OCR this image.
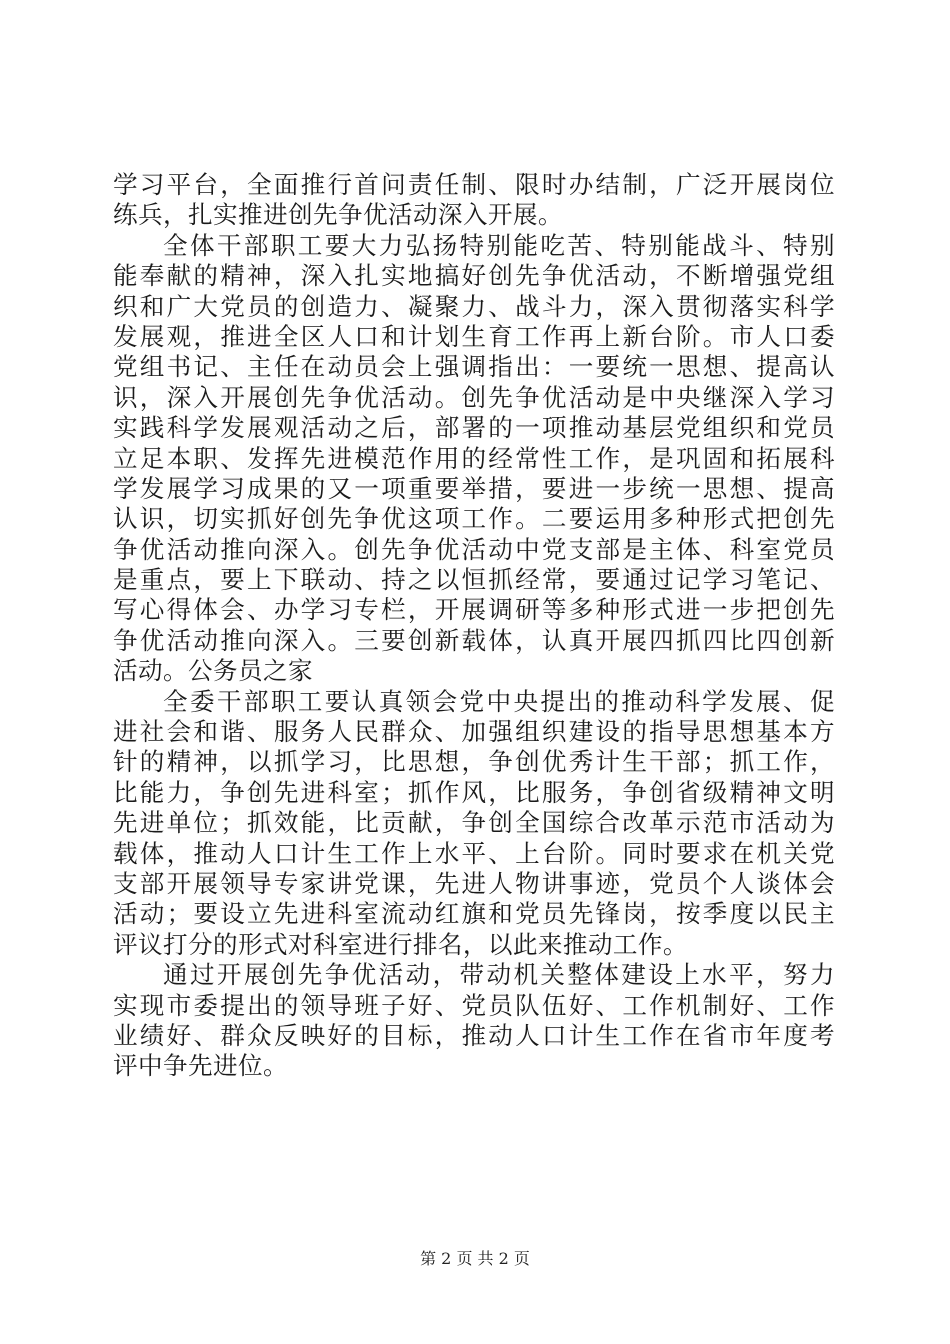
学习平台，全面推行首问责任制、限时办结制，广泛开展岗位
练兵，扎实推进创先争优活动深入开展。
全体干部职工要大力弘扬特别能吃苦、特别能战斗、特别
能奉献的精神，深入扎实地搞好创先争优活动，不断增强党组
织和广大党员的创造力、凝聚力、战斗力，深入贯彻落实科学
发展观，推进全区人口和计划生育工作再上新台阶。市人口委
党组书记、主任在动员会上强调指出：一要统一思想、提高认
识，深入开展创先争优活动。创先争优活动是中央继深入学习
实践科学发展观活动之后，部署的一项推动基层党组织和党员
立足本职、发挥先进模范作用的经常性工作，是巩固和拓展科
学发展学习成果的又一项重要举措，要进一步统一思想、提高
认识，切实抓好创先争优这项工作。二要运用多种形式把创先
争优活动推向深入。创先争优活动中党支部是主体、科室党员
是重点，要上下联动、持之以恒抓经常，要通过记学习笔记、
写心得体会、办学习专栏，开展调研等多种形式进一步把创先
争优活动推向深入。三要创新载体，认真开展四抓四比四创新
活动。公务员之家
全委干部职工要认真领会党中央提出的推动科学发展、促
进社会和谐、服务人民群众、加强组织建设的指导思想基本方
针的精神，以抓学习，比思想，争创优秀计生干部；抓工作，
比能力，争创先进科室；抓作风，比服务，争创省级精神文明
先进单位；抓效能，比贡献，争创全国综合改革示范市活动为
载体，推动人口计生工作上水平、上台阶。同时要求在机关党
支部开展领导专家讲党课，先进人物讲事迹，党员个人谈体会
活动；要设立先进科室流动红旗和党员先锋岗，按季度以民主
评议打分的形式对科室进行排名，以此来推动工作。
通过开展创先争优活动，带动机关整体建设上水平，努力
实现市委提出的领导班子好、党员队伍好、工作机制好、工作
业绩好、群众反映好的目标，推动人口计生工作在省市年度考
评中争先进位。
第 2 页 共 2 页
